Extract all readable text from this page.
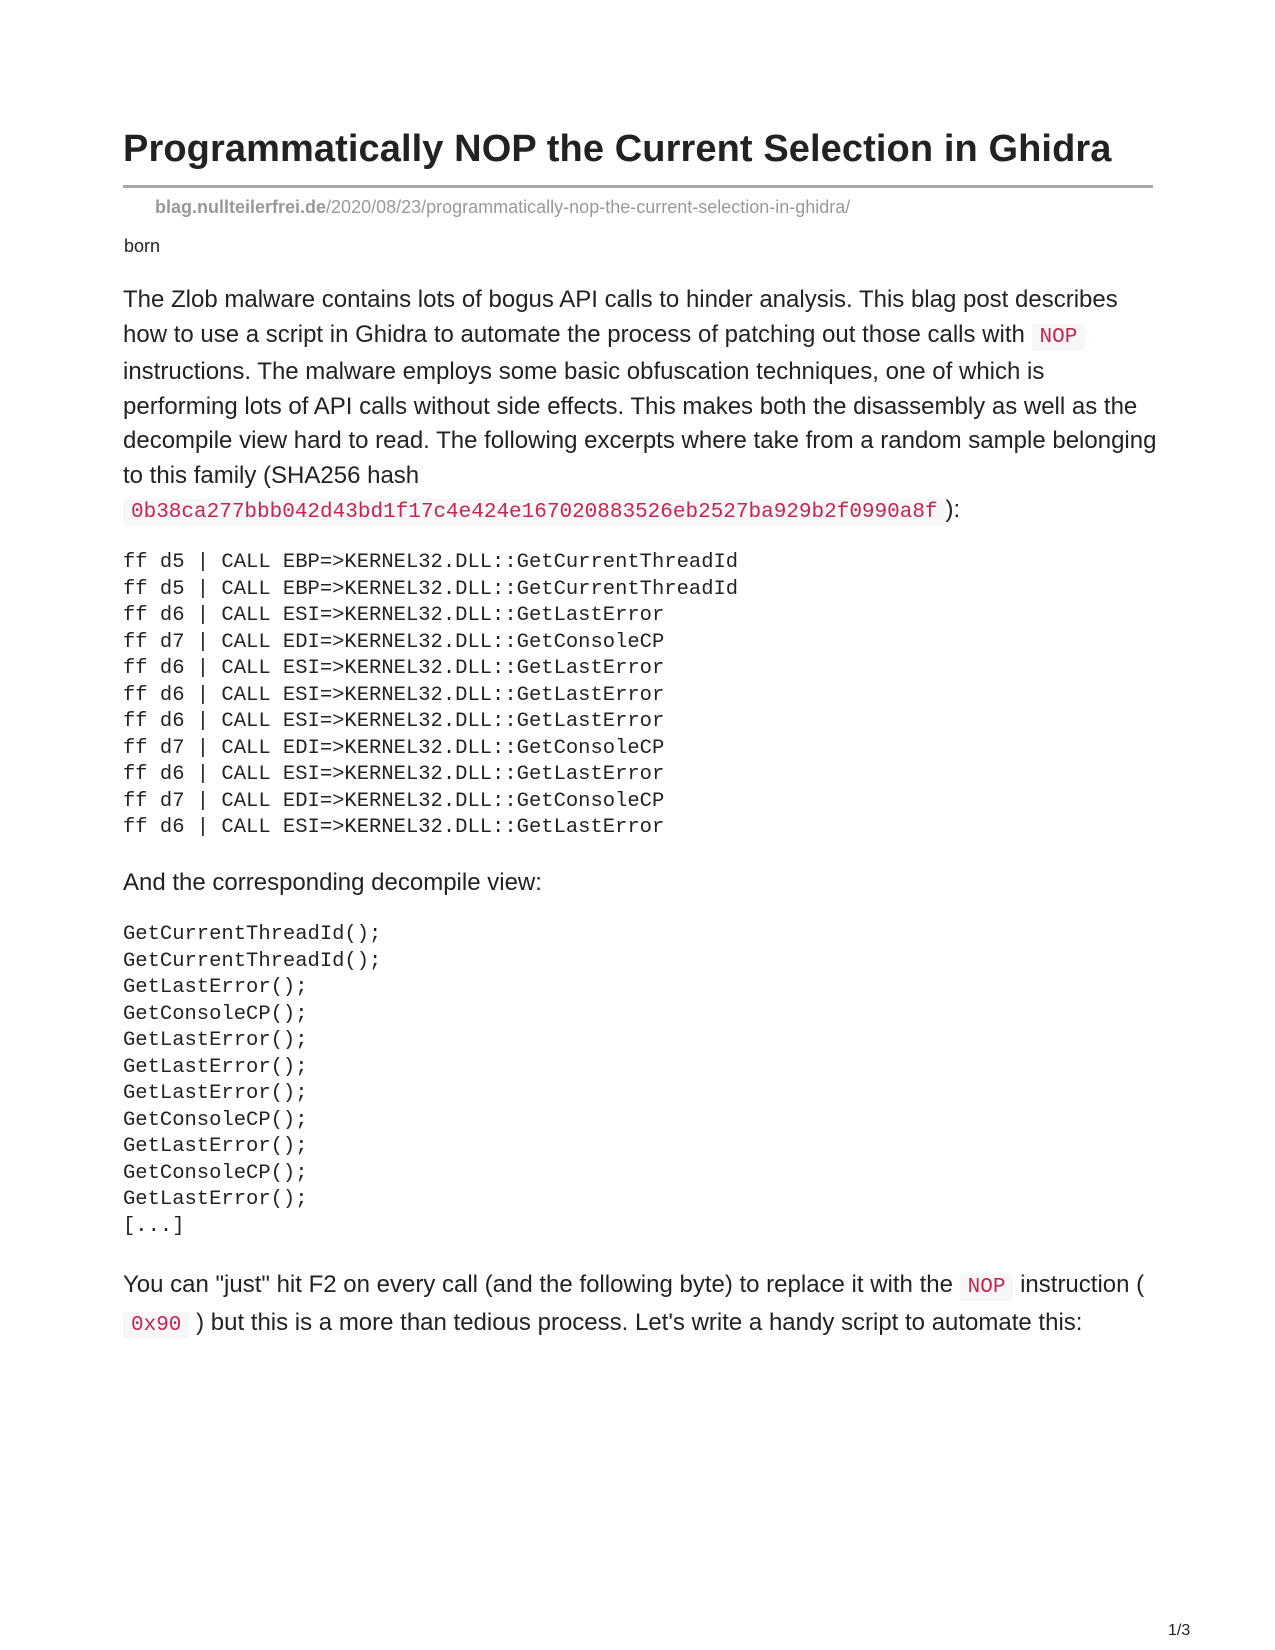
Programmatically NOP the Current Selection in Ghidra
blag.nullteilerfrei.de/2020/08/23/programmatically-nop-the-current-selection-in-ghidra/
born

The Zlob malware contains lots of bogus API calls to hinder analysis. This blag post describes how to use a script in Ghidra to automate the process of patching out those calls with NOP instructions. The malware employs some basic obfuscation techniques, one of which is performing lots of API calls without side effects. This makes both the disassembly as well as the decompile view hard to read. The following excerpts where take from a random sample belonging to this family (SHA256 hash 0b38ca277bbb042d43bd1f17c4e424e167020883526eb2527ba929b2f0990a8f ):

ff d5 | CALL EBP=>KERNEL32.DLL::GetCurrentThreadId
ff d5 | CALL EBP=>KERNEL32.DLL::GetCurrentThreadId
ff d6 | CALL ESI=>KERNEL32.DLL::GetLastError
ff d7 | CALL EDI=>KERNEL32.DLL::GetConsoleCP
ff d6 | CALL ESI=>KERNEL32.DLL::GetLastError
ff d6 | CALL ESI=>KERNEL32.DLL::GetLastError
ff d6 | CALL ESI=>KERNEL32.DLL::GetLastError
ff d7 | CALL EDI=>KERNEL32.DLL::GetConsoleCP
ff d6 | CALL ESI=>KERNEL32.DLL::GetLastError
ff d7 | CALL EDI=>KERNEL32.DLL::GetConsoleCP
ff d6 | CALL ESI=>KERNEL32.DLL::GetLastError

And the corresponding decompile view:

GetCurrentThreadId();
GetCurrentThreadId();
GetLastError();
GetConsoleCP();
GetLastError();
GetLastError();
GetLastError();
GetConsoleCP();
GetLastError();
GetConsoleCP();
GetLastError();
[...]

You can "just" hit F2 on every call (and the following byte) to replace it with the NOP instruction ( 0x90 ) but this is a more than tedious process. Let's write a handy script to automate this:

1/3
